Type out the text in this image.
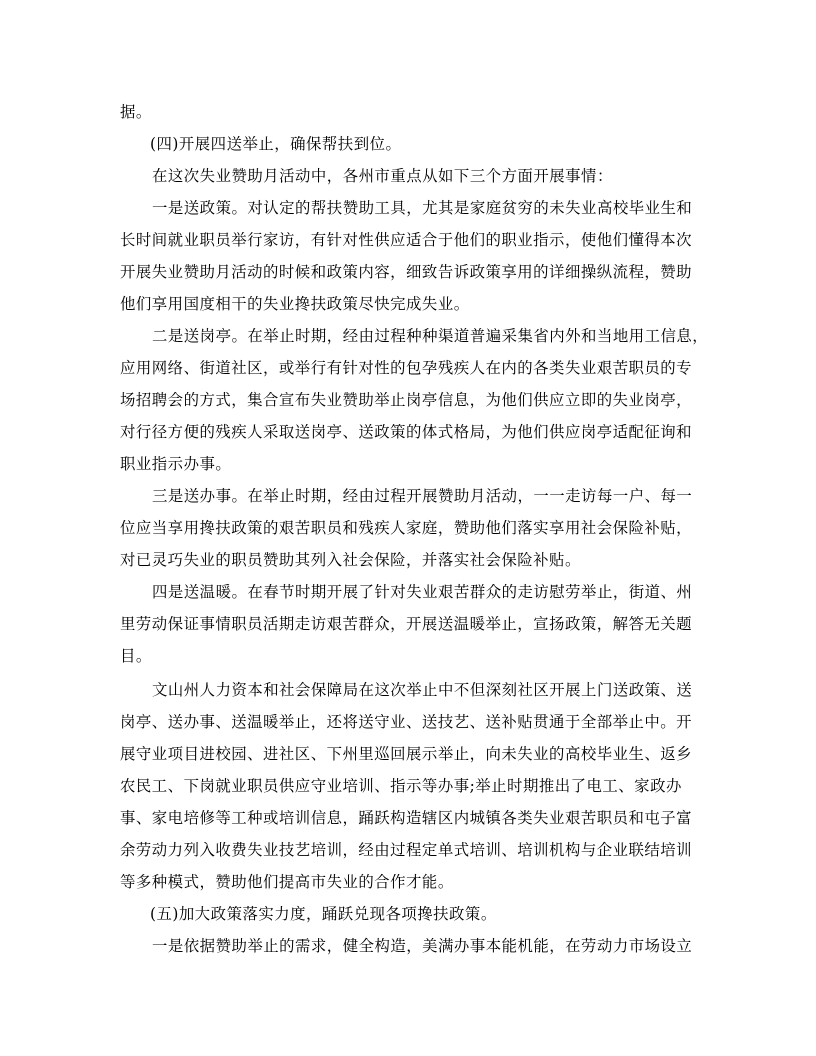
据。
(四)开展四送举止，确保帮扶到位。
在这次失业赞助月活动中，各州市重点从如下三个方面开展事情：
一是送政策。对认定的帮扶赞助工具，尤其是家庭贫穷的未失业高校毕业生和
长时间就业职员举行家访，有针对性供应适合于他们的职业指示，使他们懂得本次
开展失业赞助月活动的时候和政策内容，细致告诉政策享用的详细操纵流程，赞助
他们享用国度相干的失业搀扶政策尽快完成失业。
二是送岗亭。在举止时期，经由过程种种渠道普遍采集省内外和当地用工信息，
应用网络、街道社区，或举行有针对性的包孕残疾人在内的各类失业艰苦职员的专
场招聘会的方式，集合宣布失业赞助举止岗亭信息，为他们供应立即的失业岗亭，
对行径方便的残疾人采取送岗亭、送政策的体式格局，为他们供应岗亭适配征询和
职业指示办事。
三是送办事。在举止时期，经由过程开展赞助月活动，一一走访每一户、每一
位应当享用搀扶政策的艰苦职员和残疾人家庭，赞助他们落实享用社会保险补贴，
对已灵巧失业的职员赞助其列入社会保险，并落实社会保险补贴。
四是送温暖。在春节时期开展了针对失业艰苦群众的走访慰劳举止，街道、州
里劳动保证事情职员活期走访艰苦群众，开展送温暖举止，宣扬政策，解答无关题
目。
文山州人力资本和社会保障局在这次举止中不但深刻社区开展上门送政策、送
岗亭、送办事、送温暖举止，还将送守业、送技艺、送补贴贯通于全部举止中。开
展守业项目进校园、进社区、下州里巡回展示举止，向未失业的高校毕业生、返乡
农民工、下岗就业职员供应守业培训、指示等办事;举止时期推出了电工、家政办
事、家电培修等工种或培训信息，踊跃构造辖区内城镇各类失业艰苦职员和屯子富
余劳动力列入收费失业技艺培训，经由过程定单式培训、培训机构与企业联结培训
等多种模式，赞助他们提高市失业的合作才能。
(五)加大政策落实力度，踊跃兑现各项搀扶政策。
一是依据赞助举止的需求，健全构造，美满办事本能机能，在劳动力市场设立
